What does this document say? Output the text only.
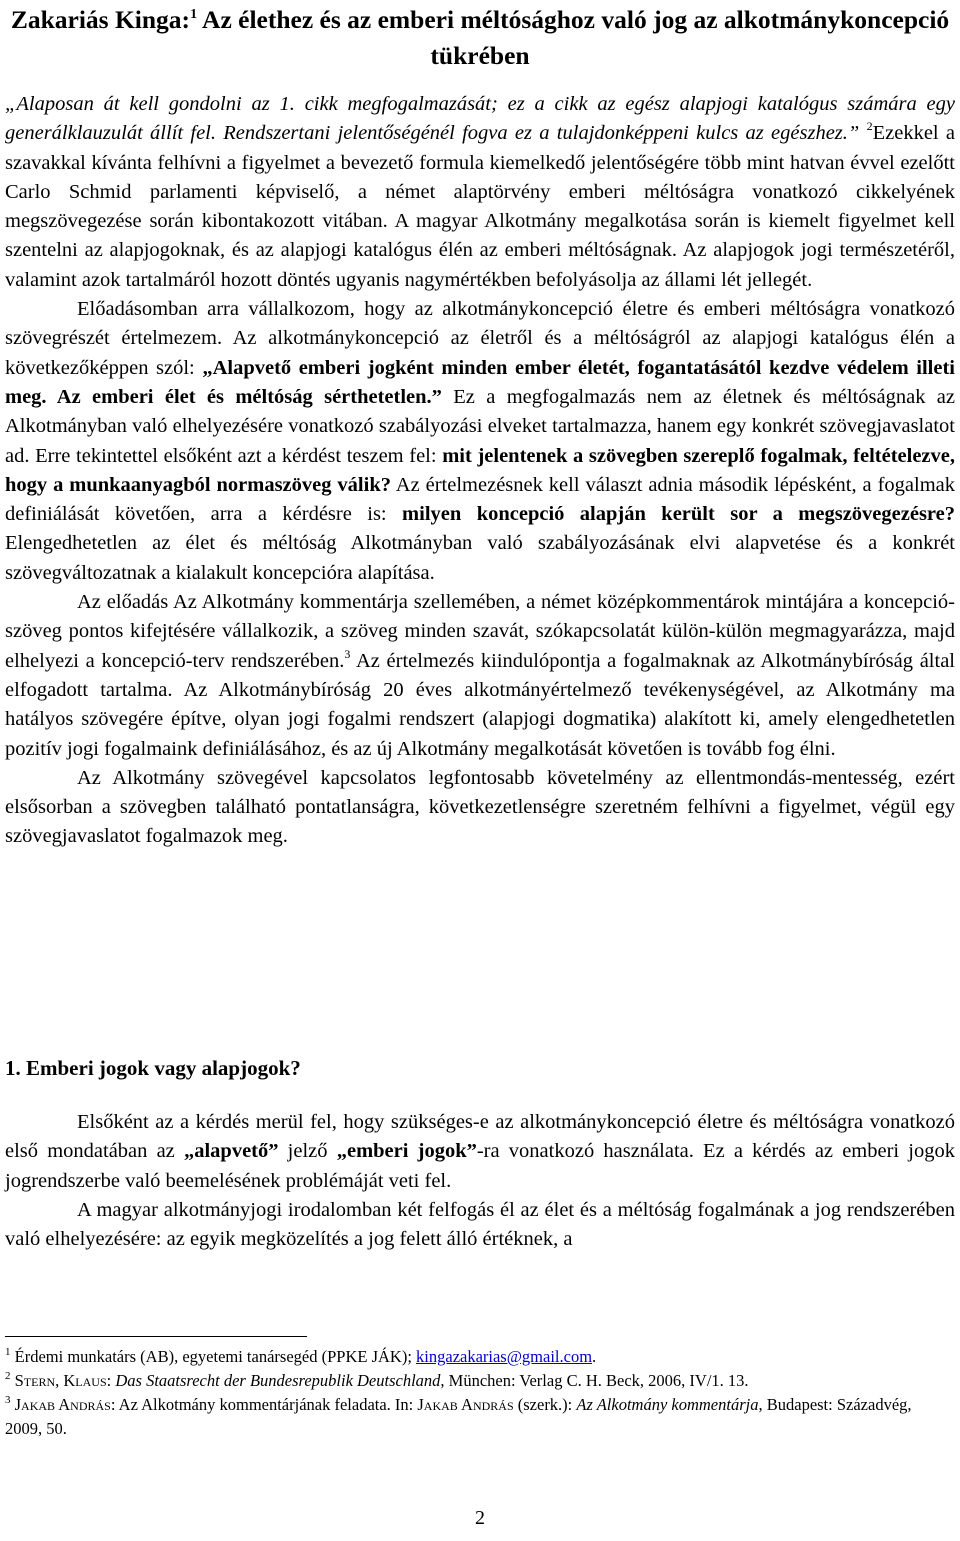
Zakariás Kinga:$^1$ Az élethez és az emberi méltósághoz való jog az alkotmánykoncepció tükrében

„Alaposan át kell gondolni az 1. cikk megfogalmazását; ez a cikk az egész alapjogi katalógus számára egy generálklauzulát állít fel. Rendszertani jelentőségénél fogva ez a tulajdonképpeni kulcs az egészhez.” $^2$Ezekkel a szavakkal kívánta felhívni a figyelmet a bevezető formula kiemelkedő jelentőségére több mint hatvan évvel ezelőtt Carlo Schmid parlamenti képviselő, a német alaptörvény emberi méltóságra vonatkozó cikkelyének megszövegezése során kibontakozott vitában. A magyar Alkotmány megalkotása során is kiemelt figyelmet kell szentelni az alapjogoknak, és az alapjogi katalógus élén az emberi méltóságnak. Az alapjogok jogi természetéről, valamint azok tartalmáról hozott döntés ugyanis nagymértékben befolyásolja az állami lét jellegét.

Előadásomban arra vállalkozom, hogy az alkotmánykoncepció életre és emberi méltóságra vonatkozó szövegrészét értelmezem. Az alkotmánykoncepció az életről és a méltóságról az alapjogi katalógus élén a következőképpen szól: „Alapvető emberi jogként minden ember életét, fogantatásától kezdve védelem illeti meg. Az emberi élet és méltóság sérthetetlen.” Ez a megfogalmazás nem az életnek és méltóságnak az Alkotmányban való elhelyezésére vonatkozó szabályozási elveket tartalmazza, hanem egy konkrét szövegjavaslatot ad. Erre tekintettel elsőként azt a kérdést teszem fel: mit jelentenek a szövegben szereplő fogalmak, feltételezve, hogy a munkaanyagból normaszöveg válik? Az értelmezésnek kell választ adnia második lépésként, a fogalmak definiálását követően, arra a kérdésre is: milyen koncepció alapján került sor a megszövegezésre? Elengedhetetlen az élet és méltóság Alkotmányban való szabályozásának elvi alapvetése és a konkrét szövegváltozatnak a kialakult koncepcióra alapítása.

Az előadás Az Alkotmány kommentárja szellemében, a német középkommentárok mintájára a koncepció-szöveg pontos kifejtésére vállalkozik, a szöveg minden szavát, szókapcsolatát külön-külön megmagyarázza, majd elhelyezi a koncepció-terv rendszerében.$^3$ Az értelmezés kiindulópontja a fogalmaknak az Alkotmánybíróság által elfogadott tartalma. Az Alkotmánybíróság 20 éves alkotmányértelmező tevékenységével, az Alkotmány ma hatályos szövegére építve, olyan jogi fogalmi rendszert (alapjogi dogmatika) alakított ki, amely elengedhetetlen pozitív jogi fogalmaink definiálásához, és az új Alkotmány megalkotását követően is tovább fog élni.

Az Alkotmány szövegével kapcsolatos legfontosabb követelmény az ellentmondás-mentesség, ezért elsősorban a szövegben található pontatlanságra, következetlenségre szeretném felhívni a figyelmet, végül egy szövegjavaslatot fogalmazok meg.

1. Emberi jogok vagy alapjogok?

Elsőként az a kérdés merül fel, hogy szükséges-e az alkotmánykoncepció életre és méltóságra vonatkozó első mondatában az „alapvető” jelző „emberi jogok”-ra vonatkozó használata. Ez a kérdés az emberi jogok jogrendszerbe való beemelésének problémáját veti fel.

A magyar alkotmányjogi irodalomban két felfogás él az élet és a méltóság fogalmának a jog rendszerében való elhelyezésére: az egyik megközelítés a jog felett álló értéknek, a

$^1$ Érdemi munkatárs (AB), egyetemi tanársegéd (PPKE JÁK); kingazakarias@gmail.com.

$^2$ Stern, Klaus: Das Staatsrecht der Bundesrepublik Deutschland, München: Verlag C. H. Beck, 2006, IV/1. 13.

$^3$ Jakab András: Az Alkotmány kommentárjának feladata. In: Jakab András (szerk.): Az Alkotmány kommentárja, Budapest: Századvég, 2009, 50.

2
